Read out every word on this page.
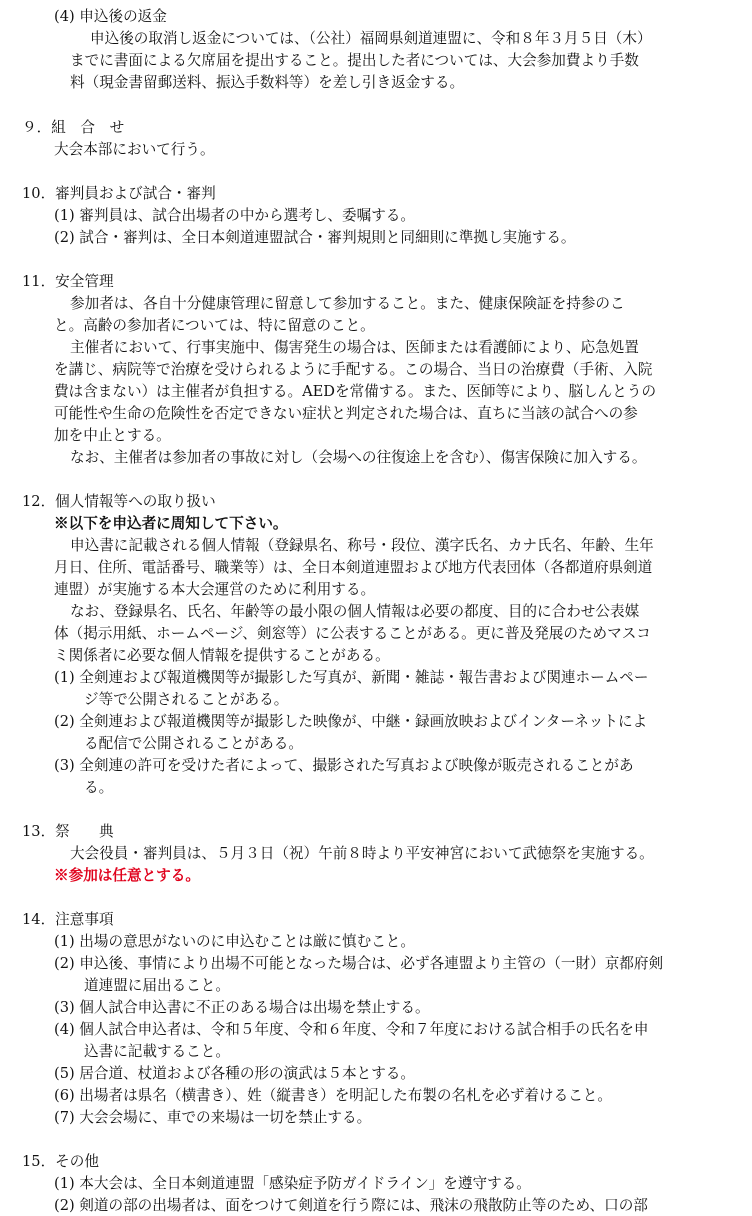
(4) 申込後の返金
申込後の取消し返金については、（公社）福岡県剣道連盟に、令和８年３月５日（木）
までに書面による欠席届を提出すること。提出した者については、大会参加費より手数
料（現金書留郵送料、振込手数料等）を差し引き返金する。
９．組　合　せ
大会本部において行う。
10．審判員および試合・審判
(1) 審判員は、試合出場者の中から選考し、委嘱する。
(2) 試合・審判は、全日本剣道連盟試合・審判規則と同細則に準拠し実施する。
11．安全管理
参加者は、各自十分健康管理に留意して参加すること。また、健康保険証を持参のこ
と。高齢の参加者については、特に留意のこと。
主催者において、行事実施中、傷害発生の場合は、医師または看護師により、応急処置
を講じ、病院等で治療を受けられるように手配する。この場合、当日の治療費（手術、入院
費は含まない）は主催者が負担する。AEDを常備する。また、医師等により、脳しんとうの
可能性や生命の危険性を否定できない症状と判定された場合は、直ちに当該の試合への参
加を中止とする。
なお、主催者は参加者の事故に対し（会場への往復途上を含む）、傷害保険に加入する。
12．個人情報等への取り扱い
※以下を申込者に周知して下さい。
申込書に記載される個人情報（登録県名、称号・段位、漢字氏名、カナ氏名、年齢、生年
月日、住所、電話番号、職業等）は、全日本剣道連盟および地方代表団体（各都道府県剣道
連盟）が実施する本大会運営のために利用する。
なお、登録県名、氏名、年齢等の最小限の個人情報は必要の都度、目的に合わせ公表媒
体（掲示用紙、ホームページ、剣窓等）に公表することがある。更に普及発展のためマスコ
ミ関係者に必要な個人情報を提供することがある。
(1) 全剣連および報道機関等が撮影した写真が、新聞・雑誌・報告書および関連ホームペー
ジ等で公開されることがある。
(2) 全剣連および報道機関等が撮影した映像が、中継・録画放映およびインターネットによ
る配信で公開されることがある。
(3) 全剣連の許可を受けた者によって、撮影された写真および映像が販売されることがあ
る。
13．祭　　典
大会役員・審判員は、５月３日（祝）午前８時より平安神宮において武徳祭を実施する。
※参加は任意とする。
14．注意事項
(1) 出場の意思がないのに申込むことは厳に慎むこと。
(2) 申込後、事情により出場不可能となった場合は、必ず各連盟より主管の（一財）京都府剣
道連盟に届出ること。
(3) 個人試合申込書に不正のある場合は出場を禁止する。
(4) 個人試合申込者は、令和５年度、令和６年度、令和７年度における試合相手の氏名を申
込書に記載すること。
(5) 居合道、杖道および各種の形の演武は５本とする。
(6) 出場者は県名（横書き）、姓（縦書き）を明記した布製の名札を必ず着けること。
(7) 大会会場に、車での来場は一切を禁止する。
15．その他
(1) 本大会は、全日本剣道連盟「感染症予防ガイドライン」を遵守する。
(2) 剣道の部の出場者は、面をつけて剣道を行う際には、飛沫の飛散防止等のため、口の部
